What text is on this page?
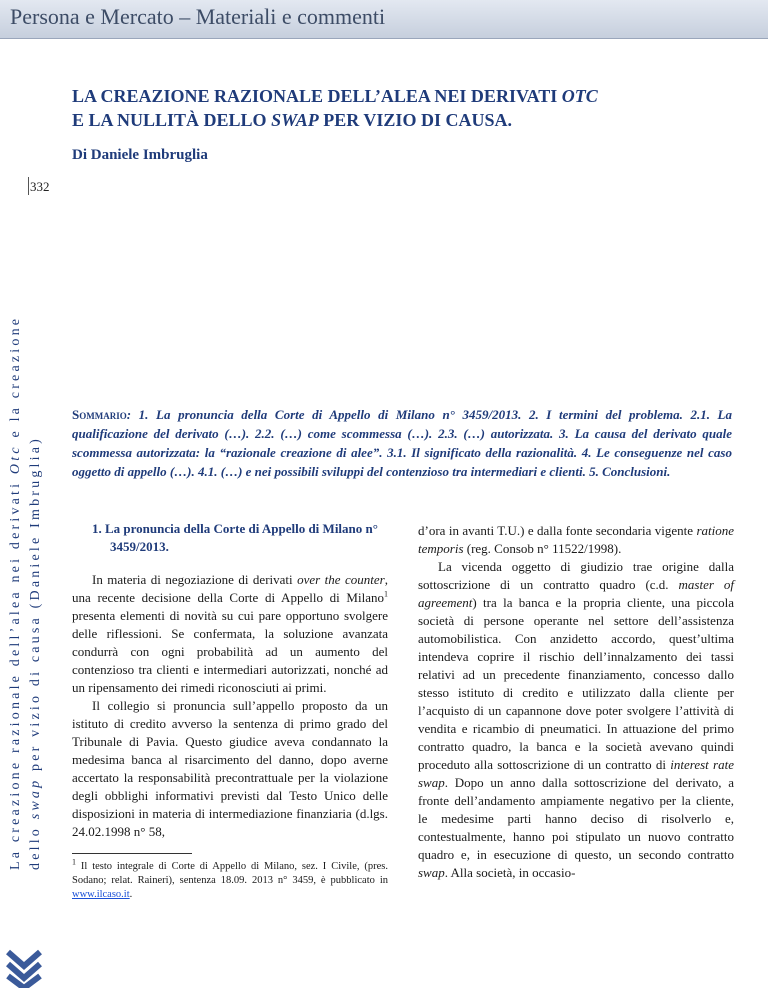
Persona e Mercato – Materiali e commenti
LA CREAZIONE RAZIONALE DELL’ALEA NEI DERIVATI OTC
E LA NULLITÀ DELLO SWAP PER VIZIO DI CAUSA.

Di Daniele Imbruglia

332
La creazione razionale dell’alea nei derivati Otc e la creazione
dello swap per vizio di causa (Daniele Imbruglia)

Sommario: 1. La pronuncia della Corte di Appello di Milano n° 3459/2013. 2. I termini del problema. 2.1. La qualificazione del derivato (…). 2.2. (…) come scommessa (…). 2.3. (…) autorizzata. 3. La causa del derivato quale scommessa autorizzata: la “razionale creazione di alee”. 3.1. Il significato della razionalità. 4. Le conseguenze nel caso oggetto di appello (…). 4.1. (…) e nei possibili sviluppi del contenzioso tra intermediari e clienti. 5. Conclusioni.

1. La pronuncia della Corte di Appello di Milano n° 3459/2013.

In materia di negoziazione di derivati over the counter, una recente decisione della Corte di Appello di Milano$^1$ presenta elementi di novità su cui pare opportuno svolgere delle riflessioni. Se confermata, la soluzione avanzata condurrà con ogni probabilità ad un aumento del contenzioso tra clienti e intermediari autorizzati, nonché ad un ripensamento dei rimedi riconosciuti ai primi.

Il collegio si pronuncia sull’appello proposto da un istituto di credito avverso la sentenza di primo grado del Tribunale di Pavia. Questo giudice aveva condannato la medesima banca al risarcimento del danno, dopo averne accertato la responsabilità precontrattuale per la violazione degli obblighi informativi previsti dal Testo Unico delle disposizioni in materia di intermediazione finanziaria (d.lgs. 24.02.1998 n° 58,

$^1$ Il testo integrale di Corte di Appello di Milano, sez. I Civile, (pres. Sodano; relat. Raineri), sentenza 18.09. 2013 n° 3459, è pubblicato in www.ilcaso.it.

d’ora in avanti T.U.) e dalla fonte secondaria vigente ratione temporis (reg. Consob n° 11522/1998).

La vicenda oggetto di giudizio trae origine dalla sottoscrizione di un contratto quadro (c.d. master of agreement) tra la banca e la propria cliente, una piccola società di persone operante nel settore dell’assistenza automobilistica. Con anzidetto accordo, quest’ultima intendeva coprire il rischio dell’innalzamento dei tassi relativi ad un precedente finanziamento, concesso dallo stesso istituto di credito e utilizzato dalla cliente per l’acquisto di un capannone dove poter svolgere l’attività di vendita e ricambio di pneumatici. In attuazione del primo contratto quadro, la banca e la società avevano quindi proceduto alla sottoscrizione di un contratto di interest rate swap. Dopo un anno dalla sottoscrizione del derivato, a fronte dell’andamento ampiamente negativo per la cliente, le medesime parti hanno deciso di risolverlo e, contestualmente, hanno poi stipulato un nuovo contratto quadro e, in esecuzione di questo, un secondo contratto swap. Alla società, in occasio-
